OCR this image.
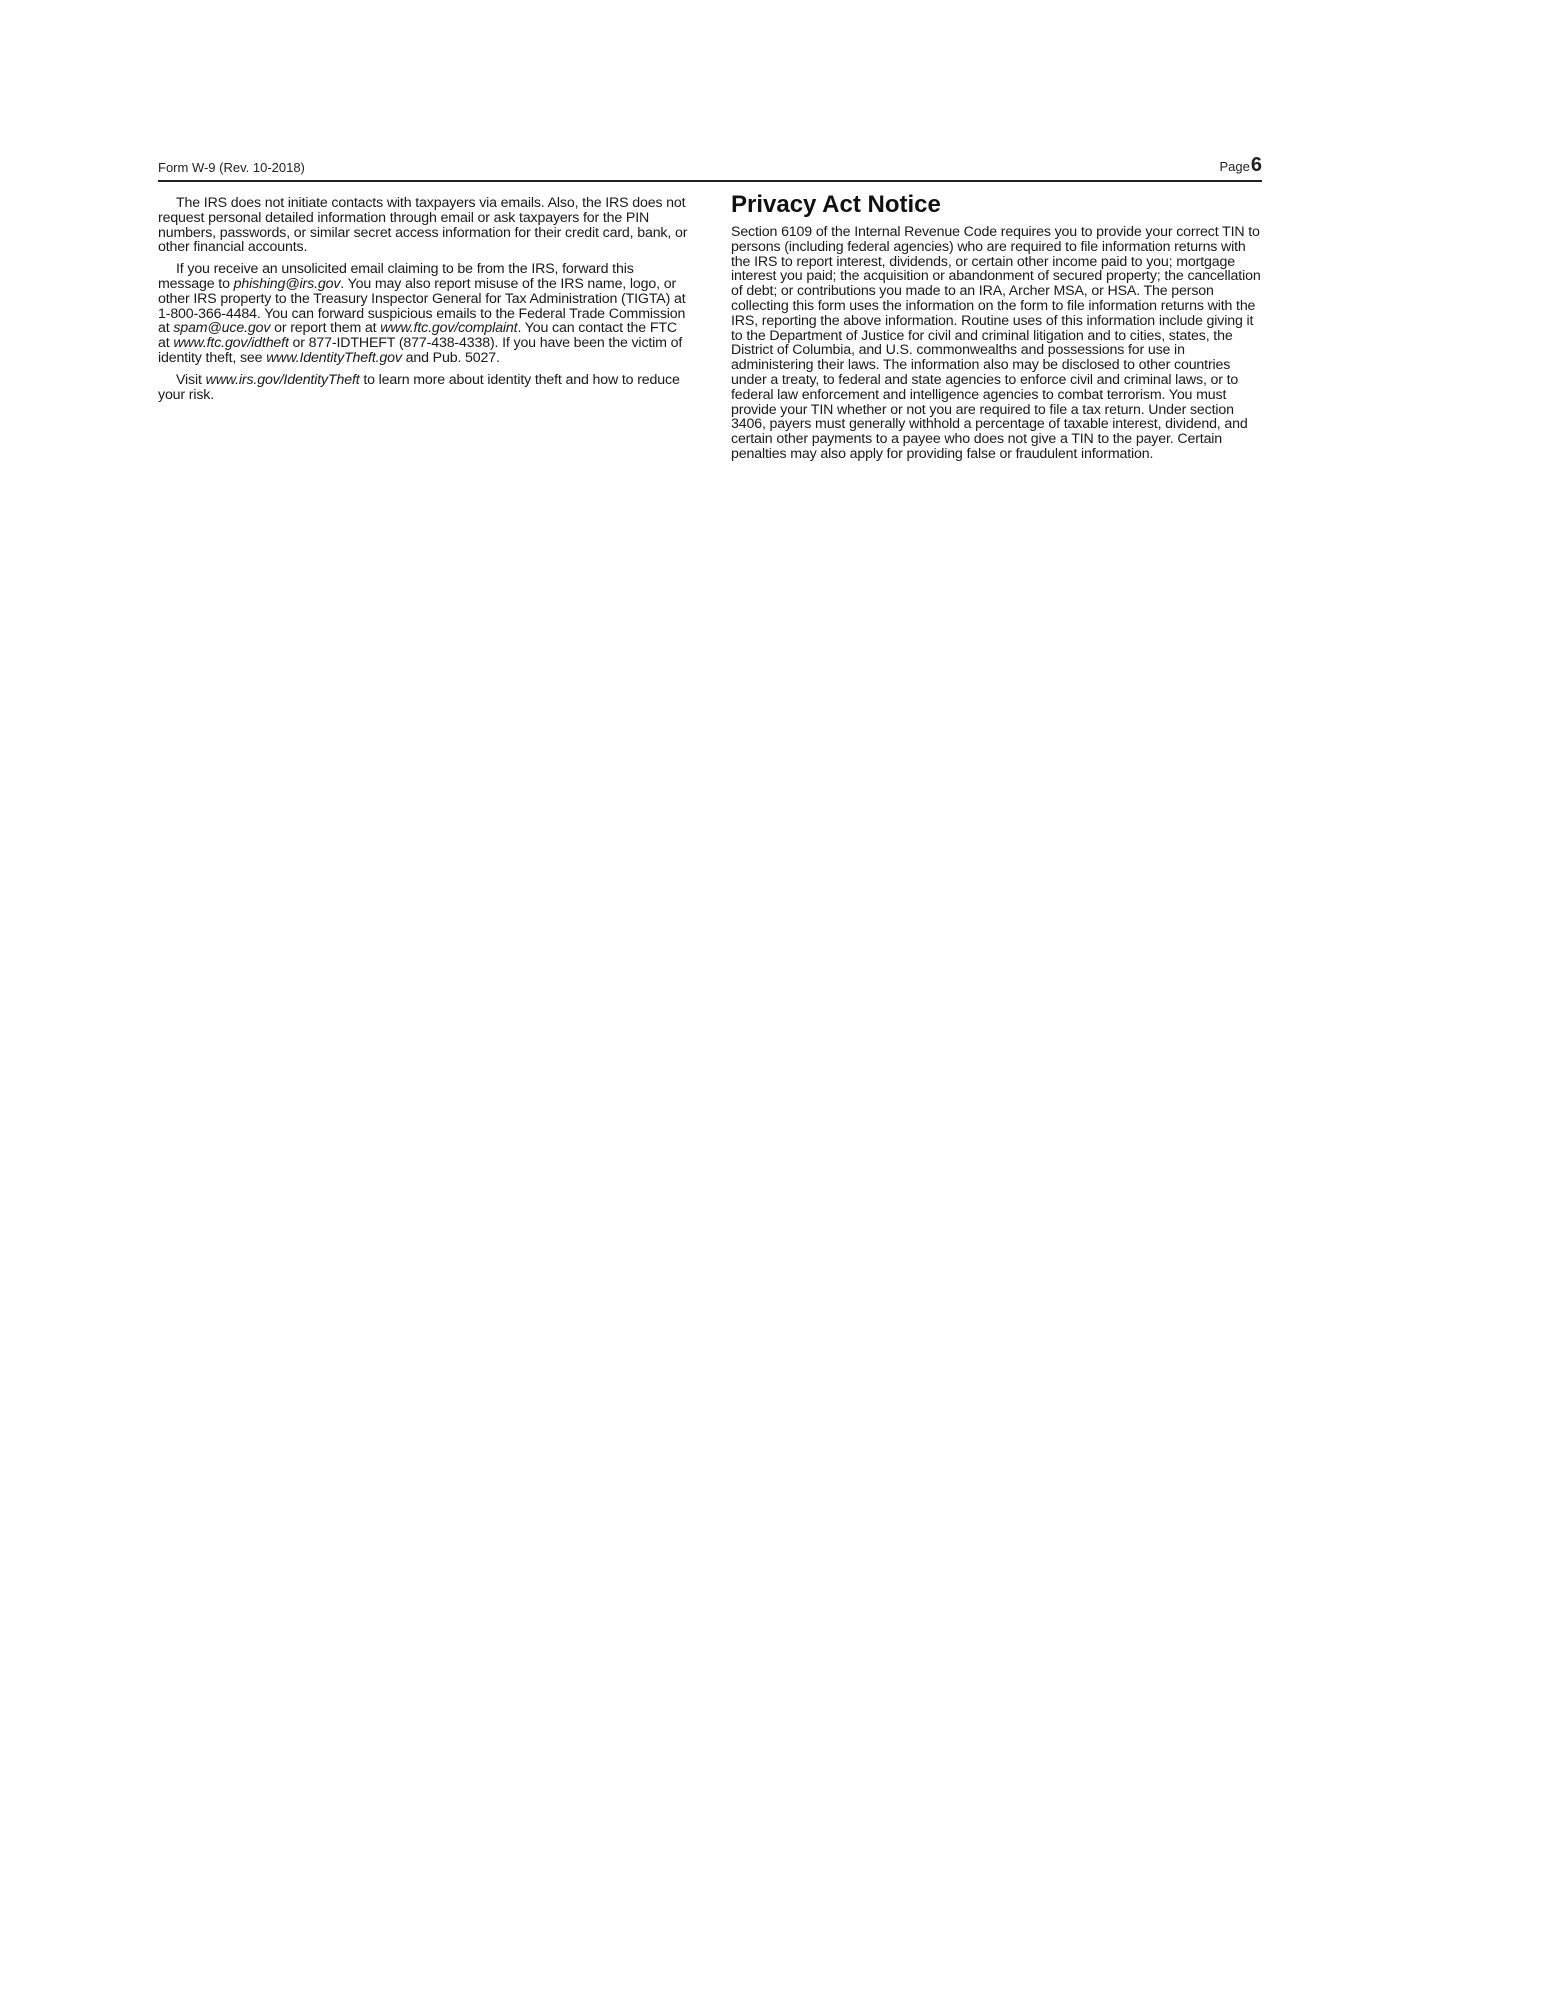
Form W-9 (Rev. 10-2018)	Page6

The IRS does not initiate contacts with taxpayers via emails. Also, the IRS does not request personal detailed information through email or ask taxpayers for the PIN numbers, passwords, or similar secret access information for their credit card, bank, or other financial accounts.

If you receive an unsolicited email claiming to be from the IRS, forward this message to phishing@irs.gov. You may also report misuse of the IRS name, logo, or other IRS property to the Treasury Inspector General for Tax Administration (TIGTA) at 1-800-366-4484. You can forward suspicious emails to the Federal Trade Commission at spam@uce.gov or report them at www.ftc.gov/complaint. You can contact the FTC at www.ftc.gov/idtheft or 877-IDTHEFT (877-438-4338). If you have been the victim of identity theft, see www.IdentityTheft.gov and Pub. 5027.

Visit www.irs.gov/IdentityTheft to learn more about identity theft and how to reduce your risk.

Privacy Act Notice

Section 6109 of the Internal Revenue Code requires you to provide your correct TIN to persons (including federal agencies) who are required to file information returns with the IRS to report interest, dividends, or certain other income paid to you; mortgage interest you paid; the acquisition or abandonment of secured property; the cancellation of debt; or contributions you made to an IRA, Archer MSA, or HSA. The person collecting this form uses the information on the form to file information returns with the IRS, reporting the above information. Routine uses of this information include giving it to the Department of Justice for civil and criminal litigation and to cities, states, the District of Columbia, and U.S. commonwealths and possessions for use in administering their laws. The information also may be disclosed to other countries under a treaty, to federal and state agencies to enforce civil and criminal laws, or to federal law enforcement and intelligence agencies to combat terrorism. You must provide your TIN whether or not you are required to file a tax return. Under section 3406, payers must generally withhold a percentage of taxable interest, dividend, and certain other payments to a payee who does not give a TIN to the payer. Certain penalties may also apply for providing false or fraudulent information.
